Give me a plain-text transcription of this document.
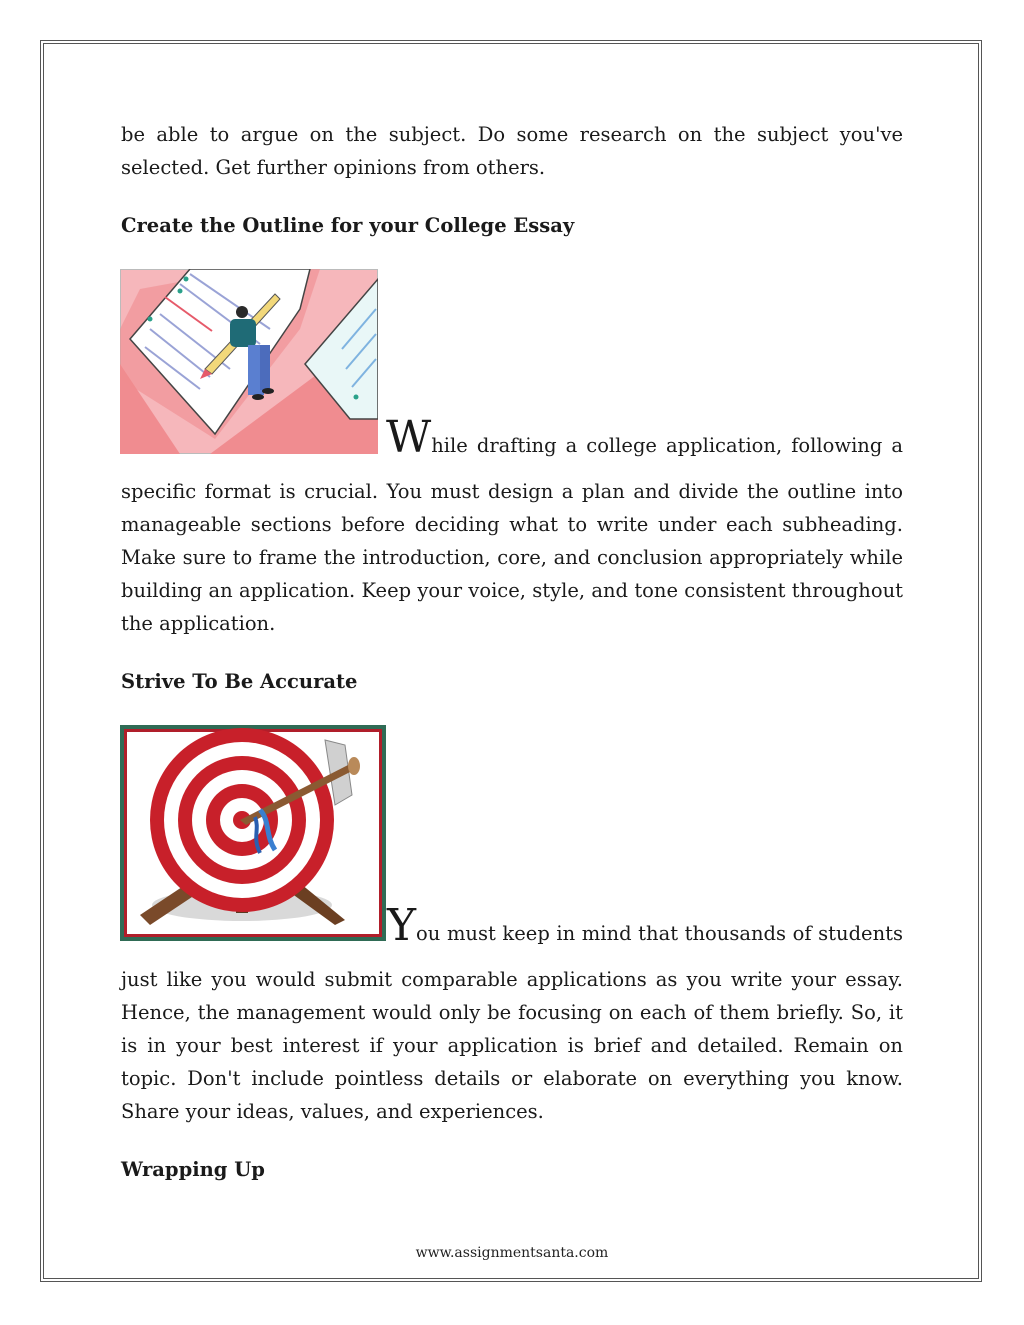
be able to argue on the subject. Do some research on the subject you've selected. Get further opinions from others.

Create the Outline for your College Essay

While drafting a college application, following a

specific format is crucial. You must design a plan and divide the outline into manageable sections before deciding what to write under each subheading. Make sure to frame the introduction, core, and conclusion appropriately while building an application. Keep your voice, style, and tone consistent throughout the application.

Strive To Be Accurate

You must keep in mind that thousands of students

just like you would submit comparable applications as you write your essay. Hence, the management would only be focusing on each of them briefly. So, it is in your best interest if your application is brief and detailed. Remain on topic. Don't include pointless details or elaborate on everything you know. Share your ideas, values, and experiences.

Wrapping Up
www.assignmentsanta.com
